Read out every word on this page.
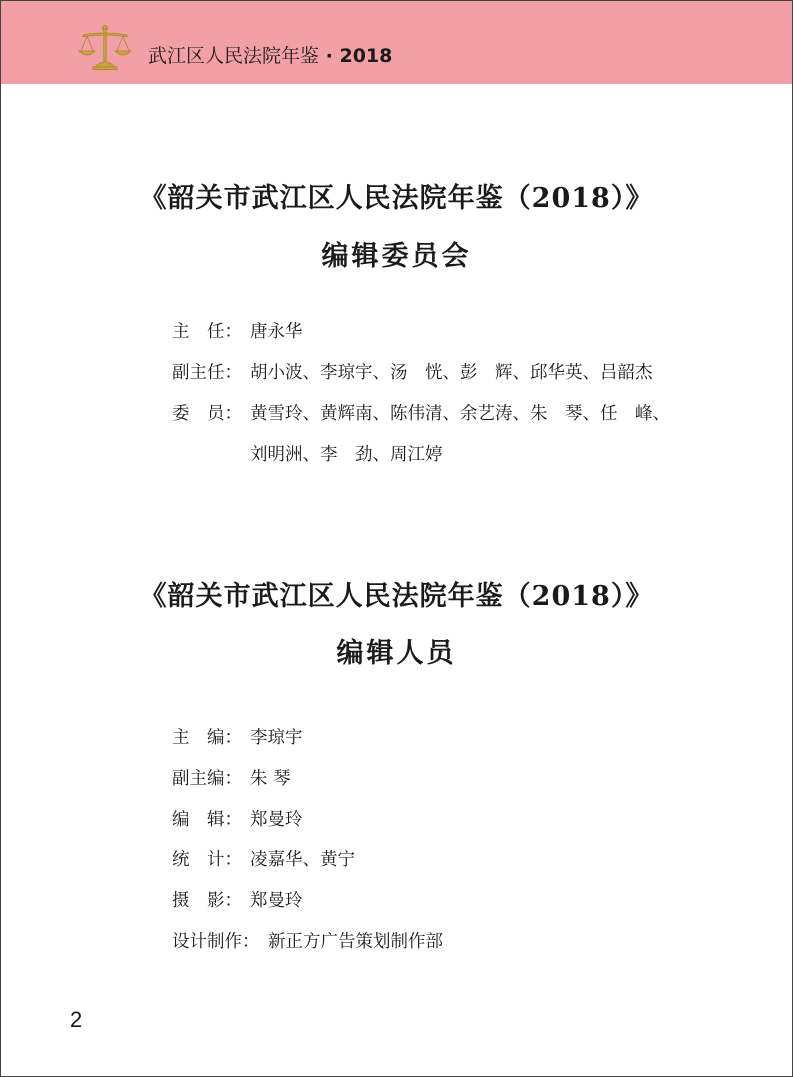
武江区人民法院年鉴 · 2018
《韶关市武江区人民法院年鉴（2018）》
编辑委员会
主　任： 唐永华
副主任： 胡小波、李琼宇、汤　恍、彭　辉、邱华英、吕韶杰
委　员： 黄雪玲、黄辉南、陈伟清、余艺涛、朱　琴、任　峰、
刘明洲、李　劲、周江婷
《韶关市武江区人民法院年鉴（2018）》
编辑人员
主　编： 李琼宇
副主编： 朱 琴
编　辑： 郑曼玲
统　计： 凌嘉华、黄宁
摄　影： 郑曼玲
设计制作： 新正方广告策划制作部
2
